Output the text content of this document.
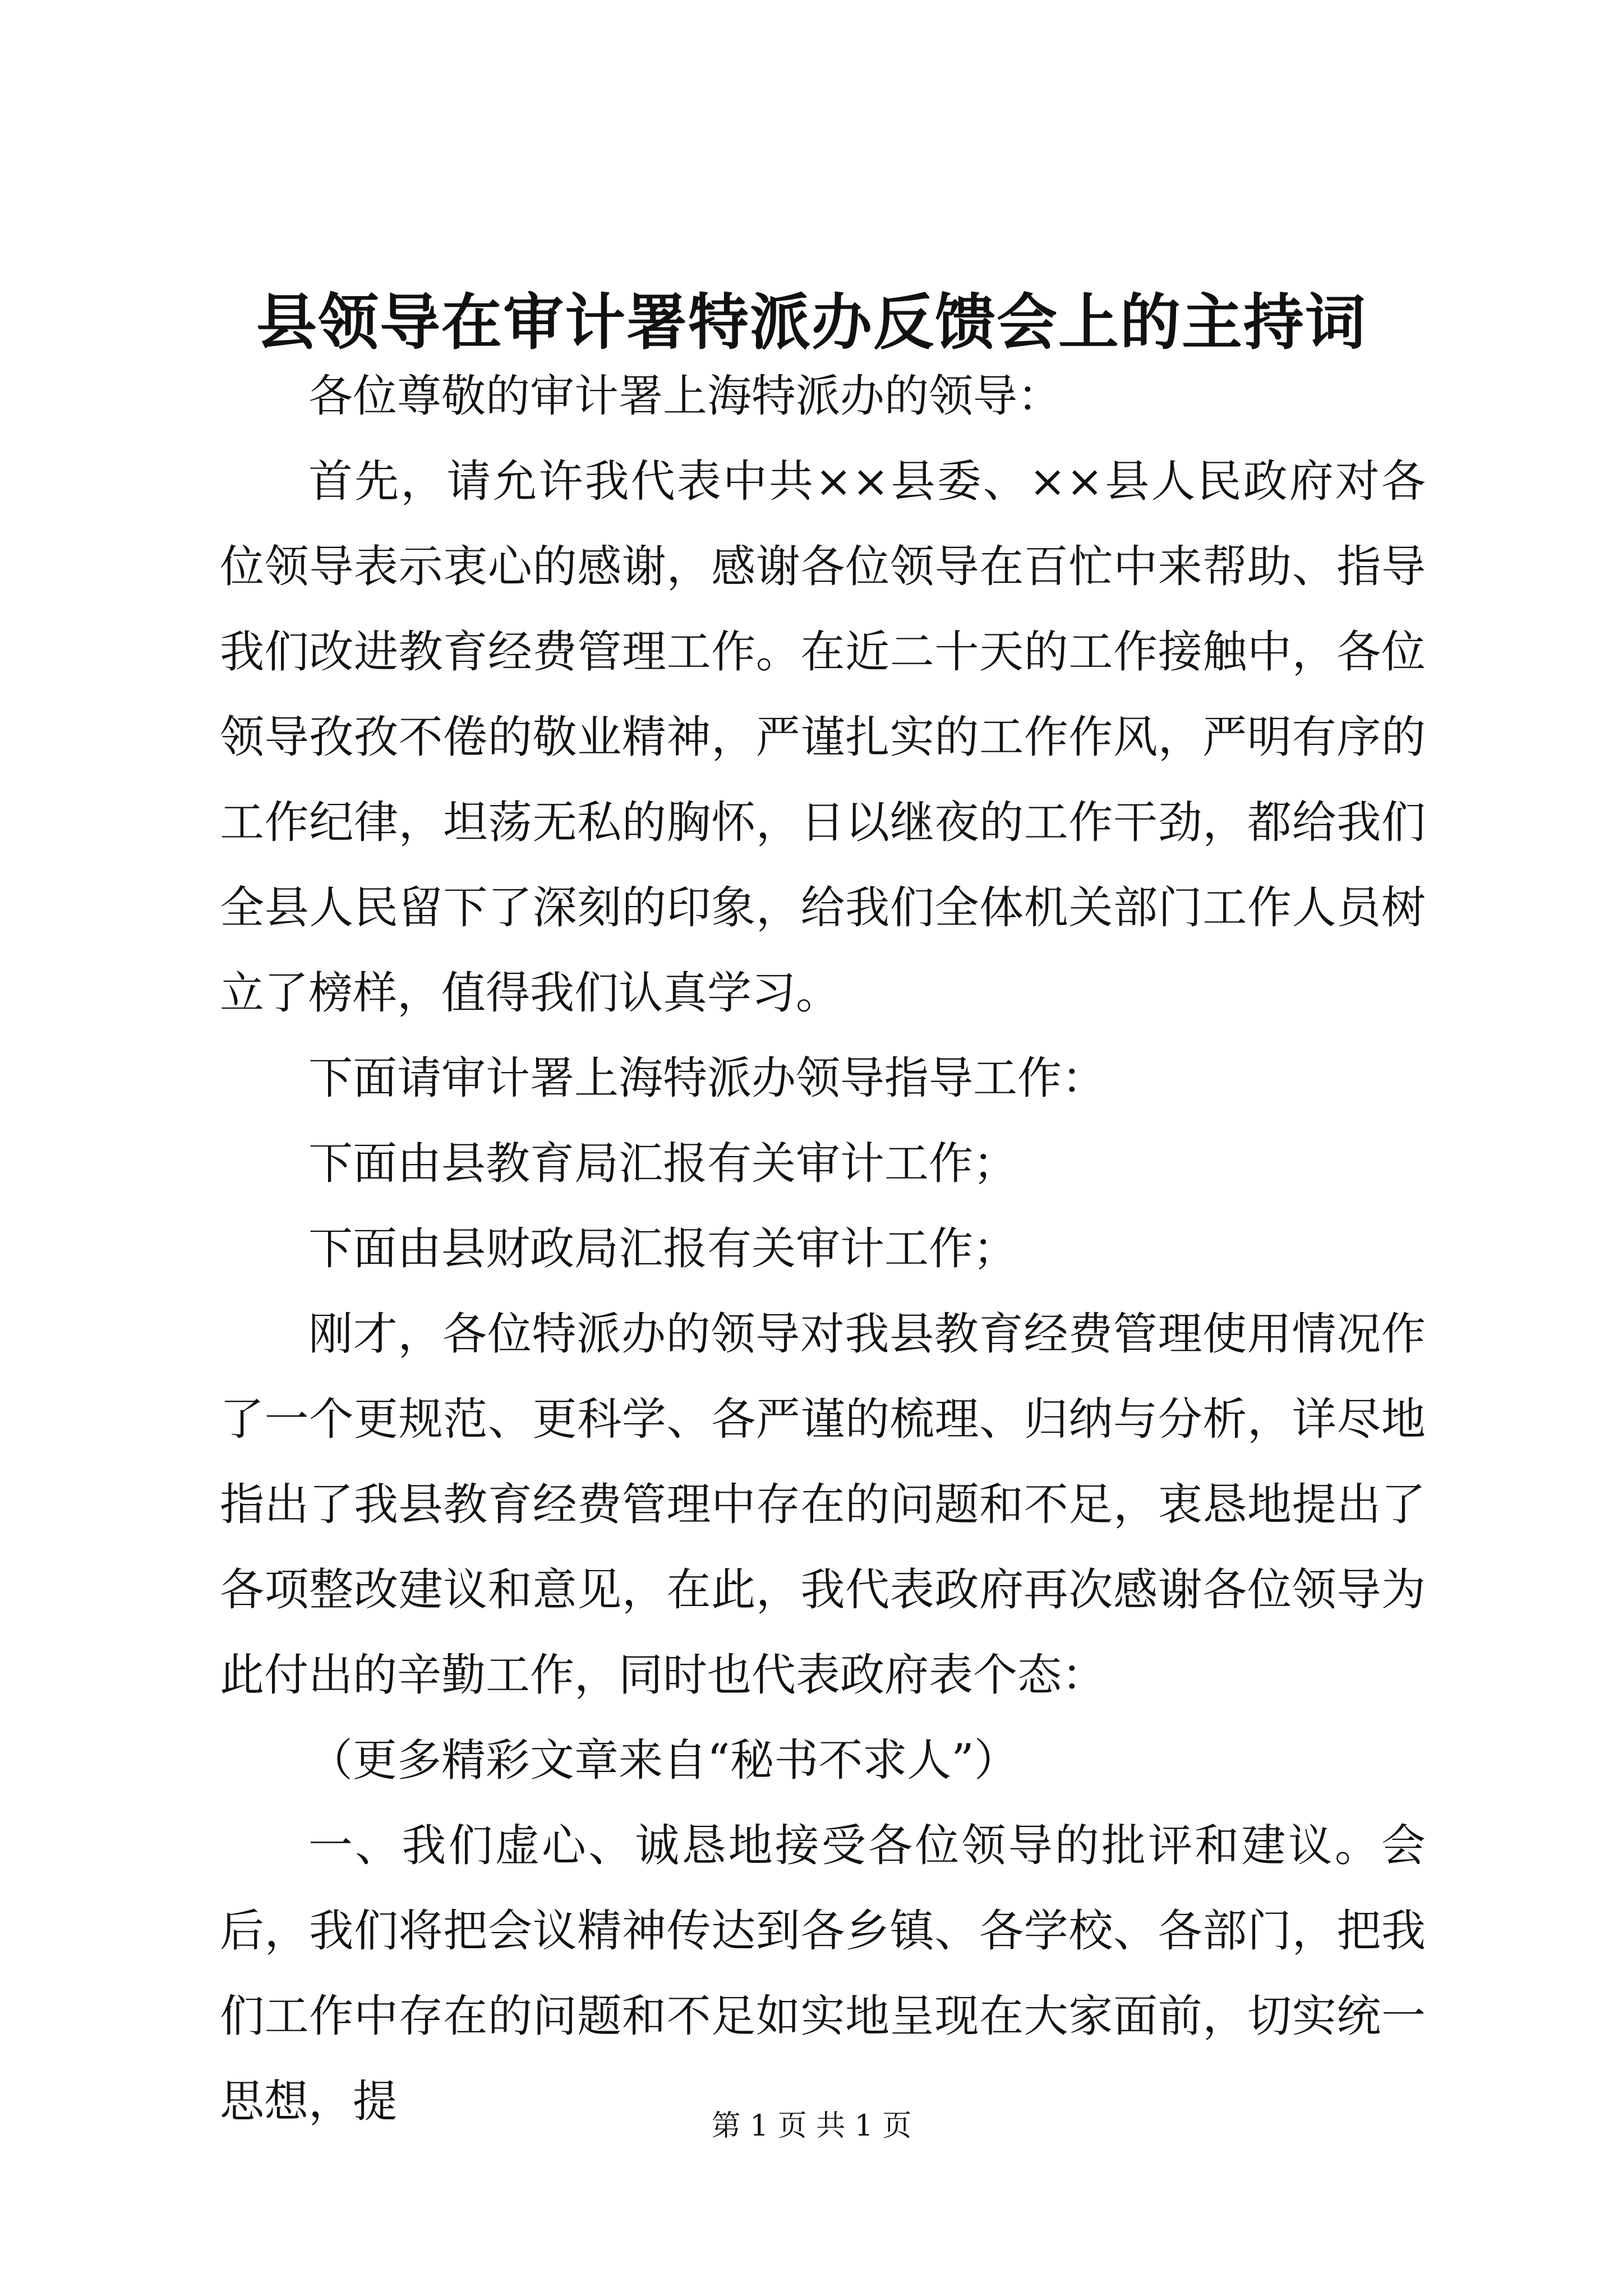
县领导在审计署特派办反馈会上的主持词

各位尊敬的审计署上海特派办的领导：

首先，请允许我代表中共××县委、××县人民政府对各位领导表示衷心的感谢，感谢各位领导在百忙中来帮助、指导我们改进教育经费管理工作。在近二十天的工作接触中，各位领导孜孜不倦的敬业精神，严谨扎实的工作作风，严明有序的工作纪律，坦荡无私的胸怀，日以继夜的工作干劲，都给我们全县人民留下了深刻的印象，给我们全体机关部门工作人员树立了榜样，值得我们认真学习。

下面请审计署上海特派办领导指导工作：

下面由县教育局汇报有关审计工作；

下面由县财政局汇报有关审计工作；

刚才，各位特派办的领导对我县教育经费管理使用情况作了一个更规范、更科学、各严谨的梳理、归纳与分析，详尽地指出了我县教育经费管理中存在的问题和不足，衷恳地提出了各项整改建议和意见，在此，我代表政府再次感谢各位领导为此付出的辛勤工作，同时也代表政府表个态：

（更多精彩文章来自“秘书不求人”）

一、我们虚心、诚恳地接受各位领导的批评和建议。会后，我们将把会议精神传达到各乡镇、各学校、各部门，把我们工作中存在的问题和不足如实地呈现在大家面前，切实统一思想，提	第 1 页 共 1 页
